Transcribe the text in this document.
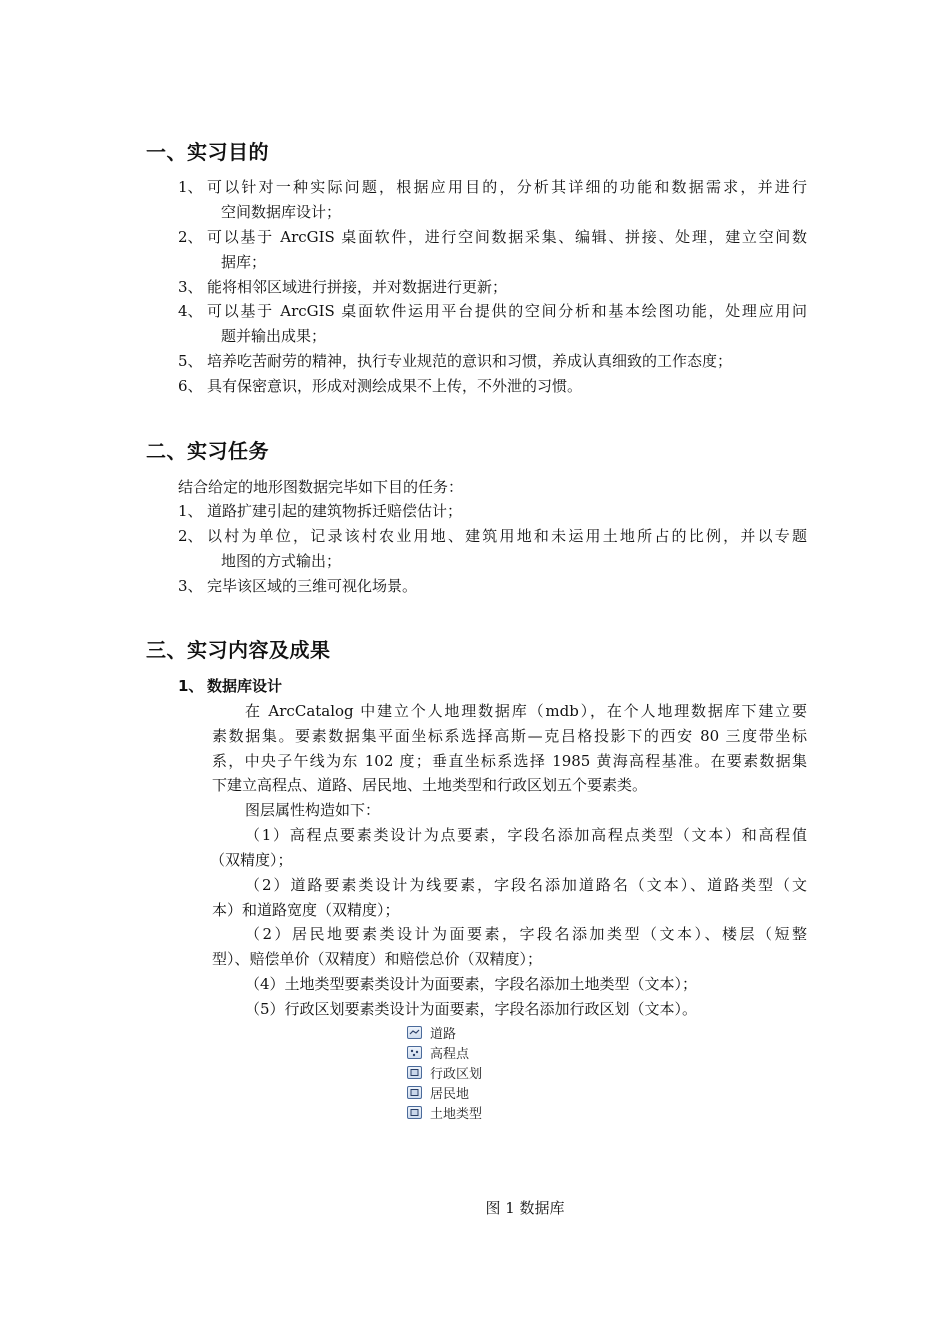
一、实习目的
1、 可以针对一种实际问题，根据应用目的，分析其详细的功能和数据需求，并进行
空间数据库设计；
2、 可以基于 ArcGIS 桌面软件，进行空间数据采集、编辑、拼接、处理，建立空间数
据库；
3、 能将相邻区域进行拼接，并对数据进行更新；
4、 可以基于 ArcGIS 桌面软件运用平台提供的空间分析和基本绘图功能，处理应用问
题并输出成果；
5、 培养吃苦耐劳的精神，执行专业规范的意识和习惯，养成认真细致的工作态度；
6、 具有保密意识，形成对测绘成果不上传，不外泄的习惯。
二、实习任务
结合给定的地形图数据完毕如下目的任务：
1、 道路扩建引起的建筑物拆迁赔偿估计；
2、 以村为单位，记录该村农业用地、建筑用地和未运用土地所占的比例，并以专题
地图的方式输出；
3、 完毕该区域的三维可视化场景。
三、实习内容及成果
1、 数据库设计
在 ArcCatalog 中建立个人地理数据库（mdb），在个人地理数据库下建立要
素数据集。要素数据集平面坐标系选择高斯—克吕格投影下的西安 80 三度带坐标
系，中央子午线为东 102 度；垂直坐标系选择 1985 黄海高程基准。在要素数据集
下建立高程点、道路、居民地、土地类型和行政区划五个要素类。
图层属性构造如下：
（1）高程点要素类设计为点要素，字段名添加高程点类型（文本）和高程值
（双精度）；
（2）道路要素类设计为线要素，字段名添加道路名（文本）、道路类型（文
本）和道路宽度（双精度）；
（2）居民地要素类设计为面要素，字段名添加类型（文本）、楼层（短整
型）、赔偿单价（双精度）和赔偿总价（双精度）；
（4）土地类型要素类设计为面要素，字段名添加土地类型（文本）；
（5）行政区划要素类设计为面要素，字段名添加行政区划（文本）。
道路
高程点
行政区划
居民地
土地类型
图 1 数据库
